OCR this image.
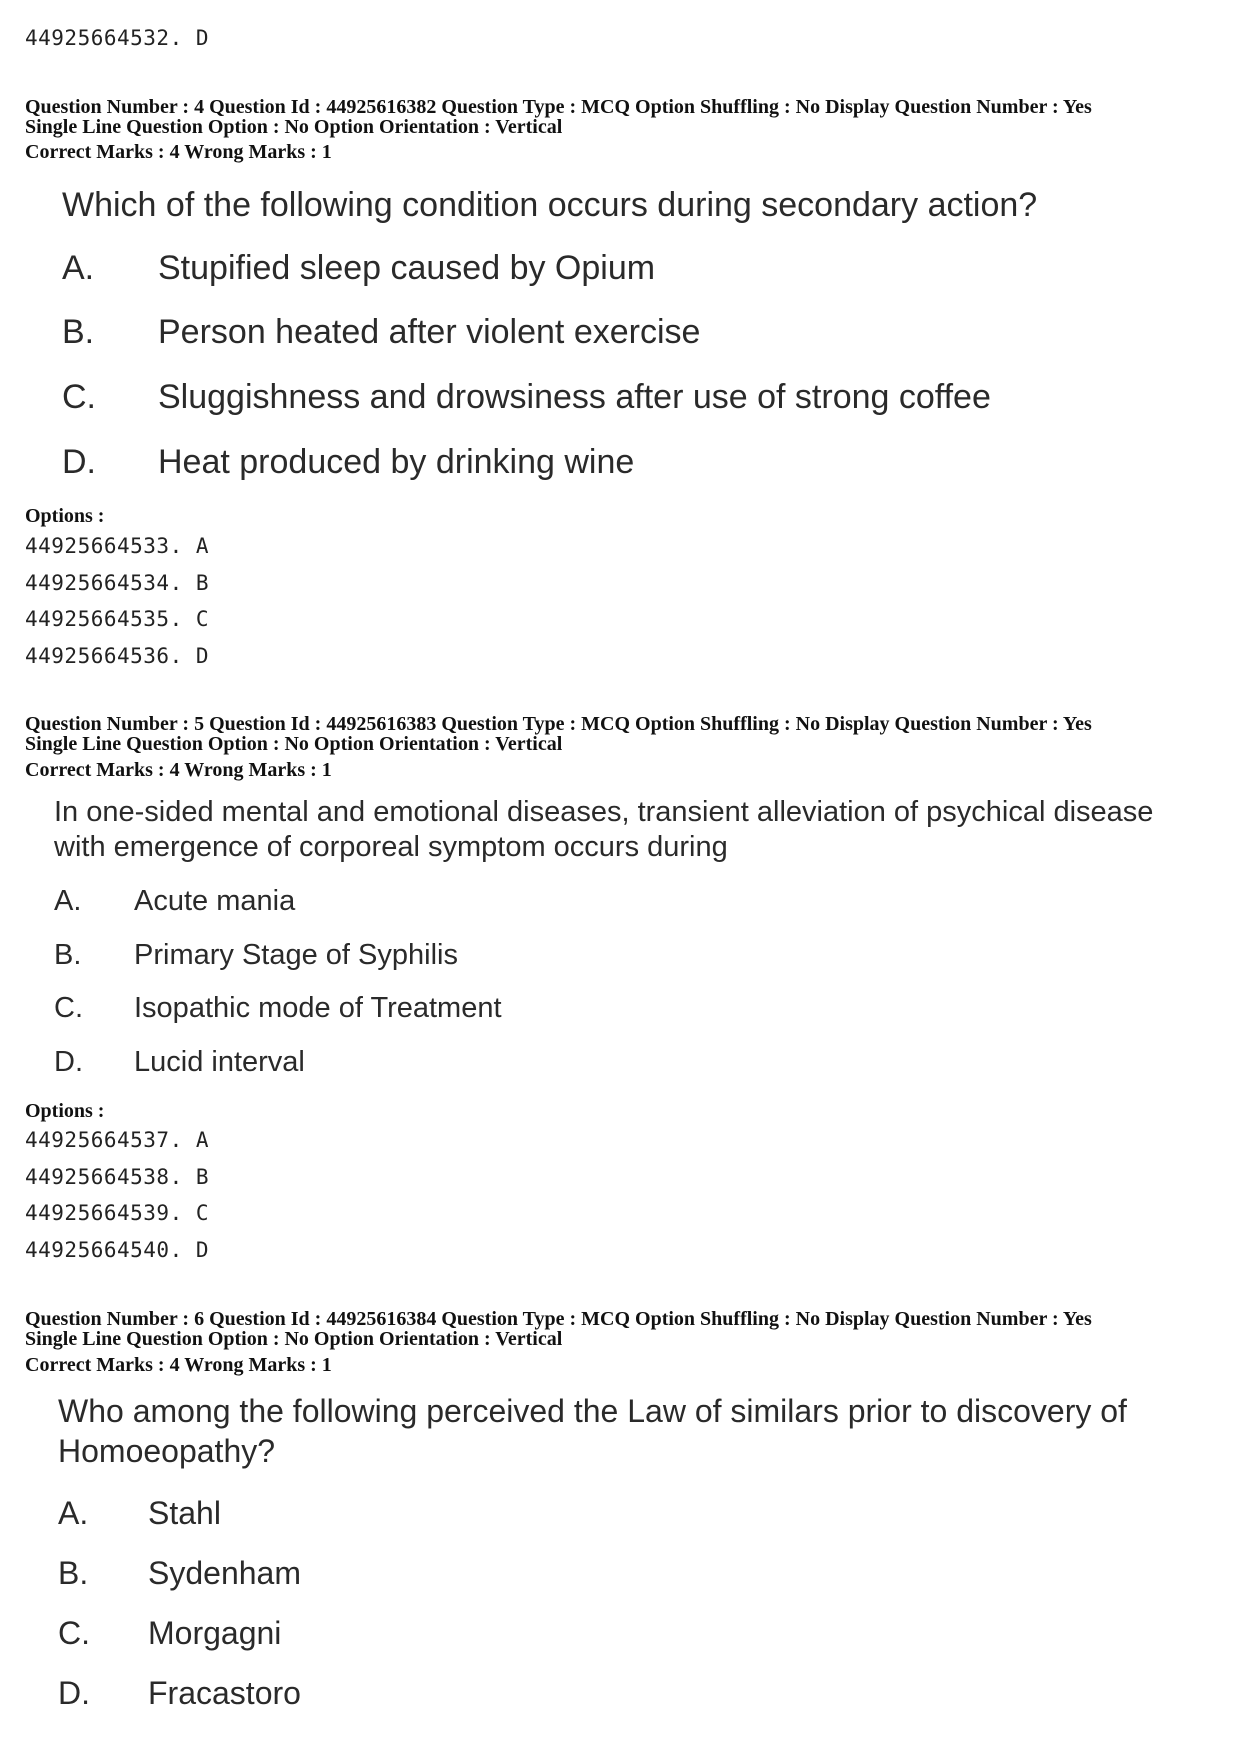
44925664532. D
Question Number : 4 Question Id : 44925616382 Question Type : MCQ Option Shuffling : No Display Question Number : Yes
Single Line Question Option : No Option Orientation : Vertical
Correct Marks : 4 Wrong Marks : 1
Which of the following condition occurs during secondary action?
A. Stupified sleep caused by Opium
B. Person heated after violent exercise
C. Sluggishness and drowsiness after use of strong coffee
D. Heat produced by drinking wine
Options :
44925664533. A
44925664534. B
44925664535. C
44925664536. D
Question Number : 5 Question Id : 44925616383 Question Type : MCQ Option Shuffling : No Display Question Number : Yes
Single Line Question Option : No Option Orientation : Vertical
Correct Marks : 4 Wrong Marks : 1
In one-sided mental and emotional diseases, transient alleviation of psychical disease
with emergence of corporeal symptom occurs during
A. Acute mania
B. Primary Stage of Syphilis
C. Isopathic mode of Treatment
D. Lucid interval
Options :
44925664537. A
44925664538. B
44925664539. C
44925664540. D
Question Number : 6 Question Id : 44925616384 Question Type : MCQ Option Shuffling : No Display Question Number : Yes
Single Line Question Option : No Option Orientation : Vertical
Correct Marks : 4 Wrong Marks : 1
Who among the following perceived the Law of similars prior to discovery of
Homoeopathy?
A. Stahl
B. Sydenham
C. Morgagni
D. Fracastoro
